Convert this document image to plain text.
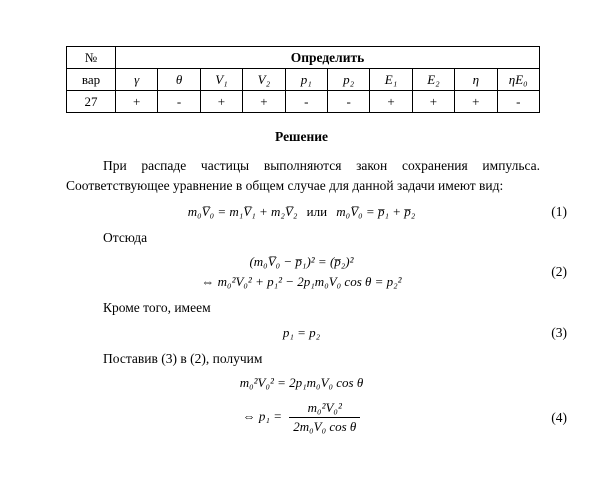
№	Определить									
вар	γ	θ	V₁	V₂	p₁	p₂	E₁	E₂	η	ηE₀
27	+	-	+	+	-	-	+	+	+	-
Решение
При распаде частицы выполняются закон сохранения импульса. Соответствующее уравнение в общем случае для данной задачи имеют вид:
m₀V̅₀ = m₁V̅₁ + m₂V̅₂ или m₀V̅₀ = p̅₁ + p̅₂	(1)
Отсюда
(m₀V̅₀ − p̅₁)² = (p̅₂)²
⇔ m₀²V₀² + p₁² − 2p₁m₀V₀ cos θ = p₂²
(2)
Кроме того, имеем
p₁ = p₂	(3)
Поставив (3) в (2), получим
m₀²V₀² = 2p₁m₀V₀ cos θ
⇔ $p_1 = \frac{\text{m₀²V₀²}}{\text{2m₀V₀ cos θ}}$	(4)
